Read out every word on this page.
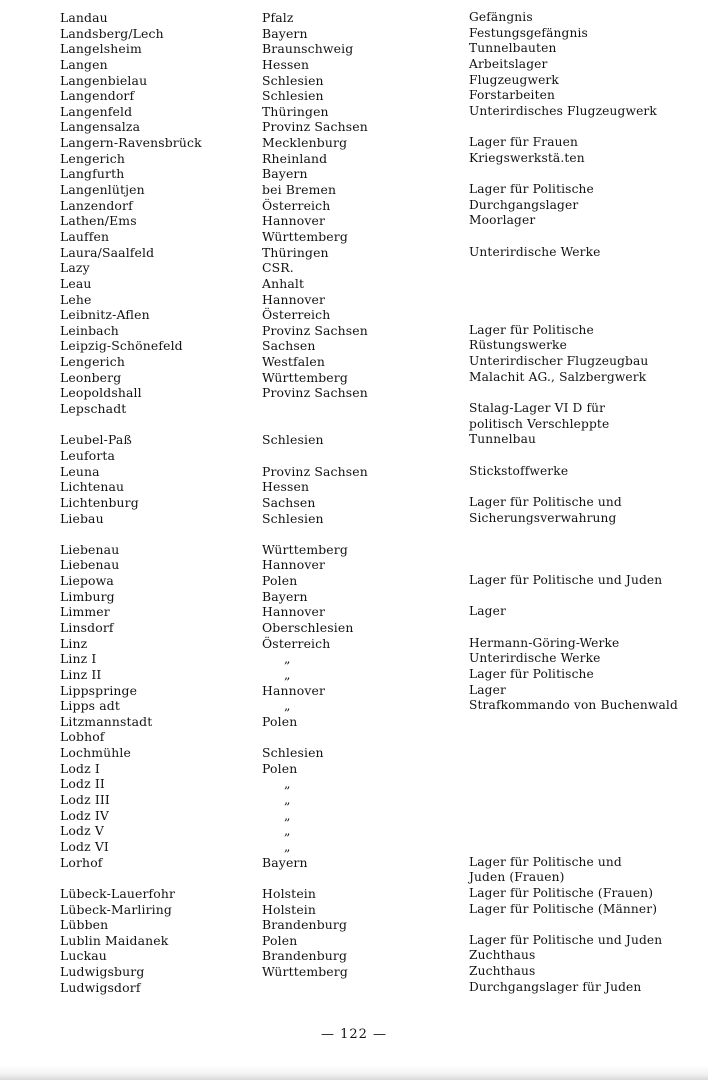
Landau
Landsberg/Lech
Langelsheim
Langen
Langenbielau
Langendorf
Langenfeld
Langensalza
Langern-Ravensbrück
Lengerich
Langfurth
Langenlütjen
Lanzendorf
Lathen/Ems
Lauffen
Laura/Saalfeld
Lazy
Leau
Lehe
Leibnitz-Aflen
Leinbach
Leipzig-Schönefeld
Lengerich
Leonberg
Leopoldshall
Lepschadt
Leubel-Paß
Leuforta
Leuna
Lichtenau
Lichtenburg
Liebau
Liebenau
Liebenau
Liepowa
Limburg
Limmer
Linsdorf
Linz
Linz I
Linz II
Lippspringe
Lipps adt
Litzmannstadt
Lobhof
Lochmühle
Lodz I
Lodz II
Lodz III
Lodz IV
Lodz V
Lodz VI
Lorhof
Lübeck-Lauerfohr
Lübeck-Marliring
Lübben
Lublin Maidanek
Luckau
Ludwigsburg
Ludwigsdorf
Pfalz
Bayern
Braunschweig
Hessen
Schlesien
Schlesien
Thüringen
Provinz Sachsen
Mecklenburg
Rheinland
Bayern
bei Bremen
Österreich
Hannover
Württemberg
Thüringen
CSR.
Anhalt
Hannover
Österreich
Provinz Sachsen
Sachsen
Westfalen
Württemberg
Provinz Sachsen
Schlesien
Provinz Sachsen
Hessen
Sachsen
Schlesien
Württemberg
Hannover
Polen
Bayern
Hannover
Oberschlesien
Österreich
„
„
Hannover
„
Polen
Schlesien
Polen
„
„
„
„
„
Bayern
Holstein
Holstein
Brandenburg
Polen
Brandenburg
Württemberg
Gefängnis
Festungsgefängnis
Tunnelbauten
Arbeitslager
Flugzeugwerk
Forstarbeiten
Unterirdisches Flugzeugwerk
Lager für Frauen
Kriegswerkstä.ten
Lager für Politische
Durchgangslager
Moorlager
Unterirdische Werke
Lager für Politische
Rüstungswerke
Unterirdischer Flugzeugbau
Malachit AG., Salzbergwerk
Stalag-Lager VI D für
politisch Verschleppte
Tunnelbau
Stickstoffwerke
Lager für Politische und
Sicherungsverwahrung
Lager für Politische und Juden
Lager
Hermann-Göring-Werke
Unterirdische Werke
Lager für Politische
Lager
Strafkommando von Buchenwald
Lager für Politische und
Juden (Frauen)
Lager für Politische (Frauen)
Lager für Politische (Männer)
Lager für Politische und Juden
Zuchthaus
Zuchthaus
Durchgangslager für Juden
— 122 —
